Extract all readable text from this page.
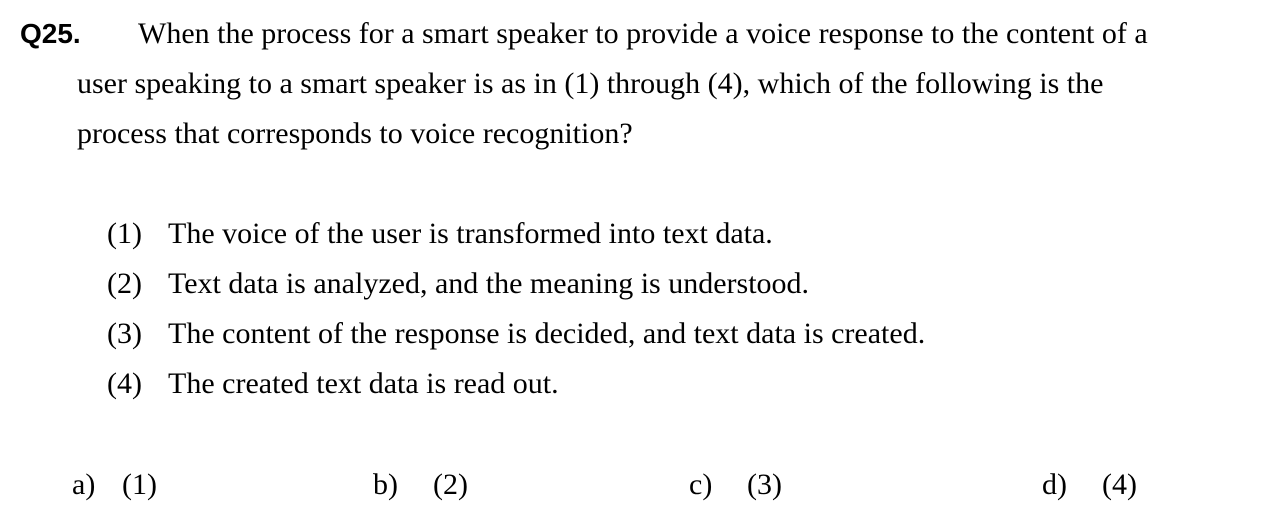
Q25. When the process for a smart speaker to provide a voice response to the content of a
user speaking to a smart speaker is as in (1) through (4), which of the following is the
process that corresponds to voice recognition?
(1) The voice of the user is transformed into text data.
(2) Text data is analyzed, and the meaning is understood.
(3) The content of the response is decided, and text data is created.
(4) The created text data is read out.
a) (1)	b) (2)	c) (3)	d) (4)
